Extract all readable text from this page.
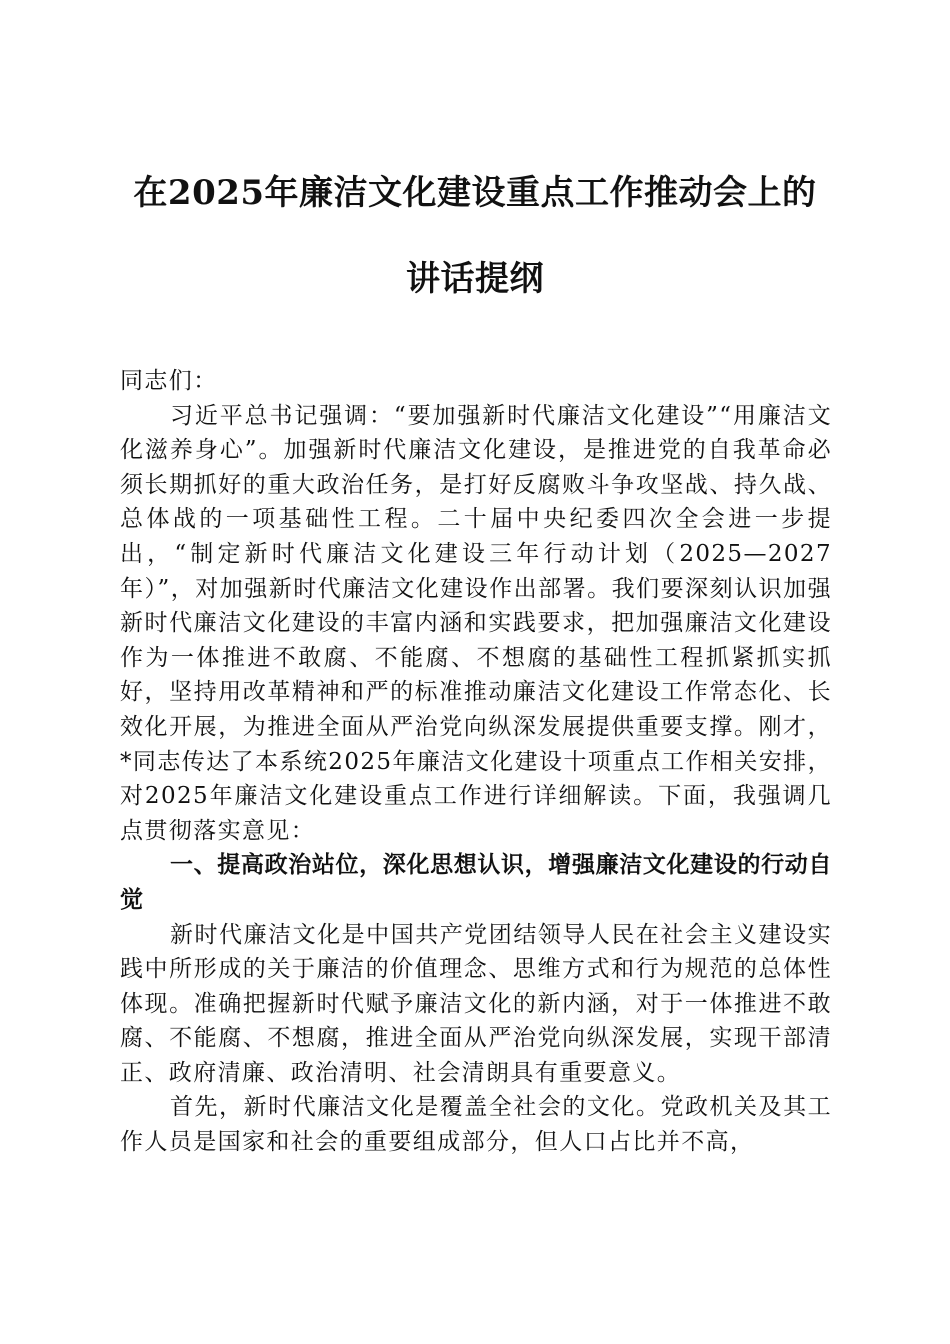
在2025年廉洁文化建设重点工作推动会上的

讲话提纲

同志们：

习近平总书记强调：“要加强新时代廉洁文化建设”“用廉洁文化滋养身心”。加强新时代廉洁文化建设，是推进党的自我革命必须长期抓好的重大政治任务，是打好反腐败斗争攻坚战、持久战、总体战的一项基础性工程。二十届中央纪委四次全会进一步提出，“制定新时代廉洁文化建设三年行动计划（2025—2027年）”，对加强新时代廉洁文化建设作出部署。我们要深刻认识加强新时代廉洁文化建设的丰富内涵和实践要求，把加强廉洁文化建设作为一体推进不敢腐、不能腐、不想腐的基础性工程抓紧抓实抓好，坚持用改革精神和严的标准推动廉洁文化建设工作常态化、长效化开展，为推进全面从严治党向纵深发展提供重要支撑。刚才，*同志传达了本系统2025年廉洁文化建设十项重点工作相关安排，对2025年廉洁文化建设重点工作进行详细解读。下面，我强调几点贯彻落实意见：

一、提高政治站位，深化思想认识，增强廉洁文化建设的行动自觉

新时代廉洁文化是中国共产党团结领导人民在社会主义建设实践中所形成的关于廉洁的价值理念、思维方式和行为规范的总体性体现。准确把握新时代赋予廉洁文化的新内涵，对于一体推进不敢腐、不能腐、不想腐，推进全面从严治党向纵深发展，实现干部清正、政府清廉、政治清明、社会清朗具有重要意义。

首先，新时代廉洁文化是覆盖全社会的文化。党政机关及其工作人员是国家和社会的重要组成部分，但人口占比并不高，
